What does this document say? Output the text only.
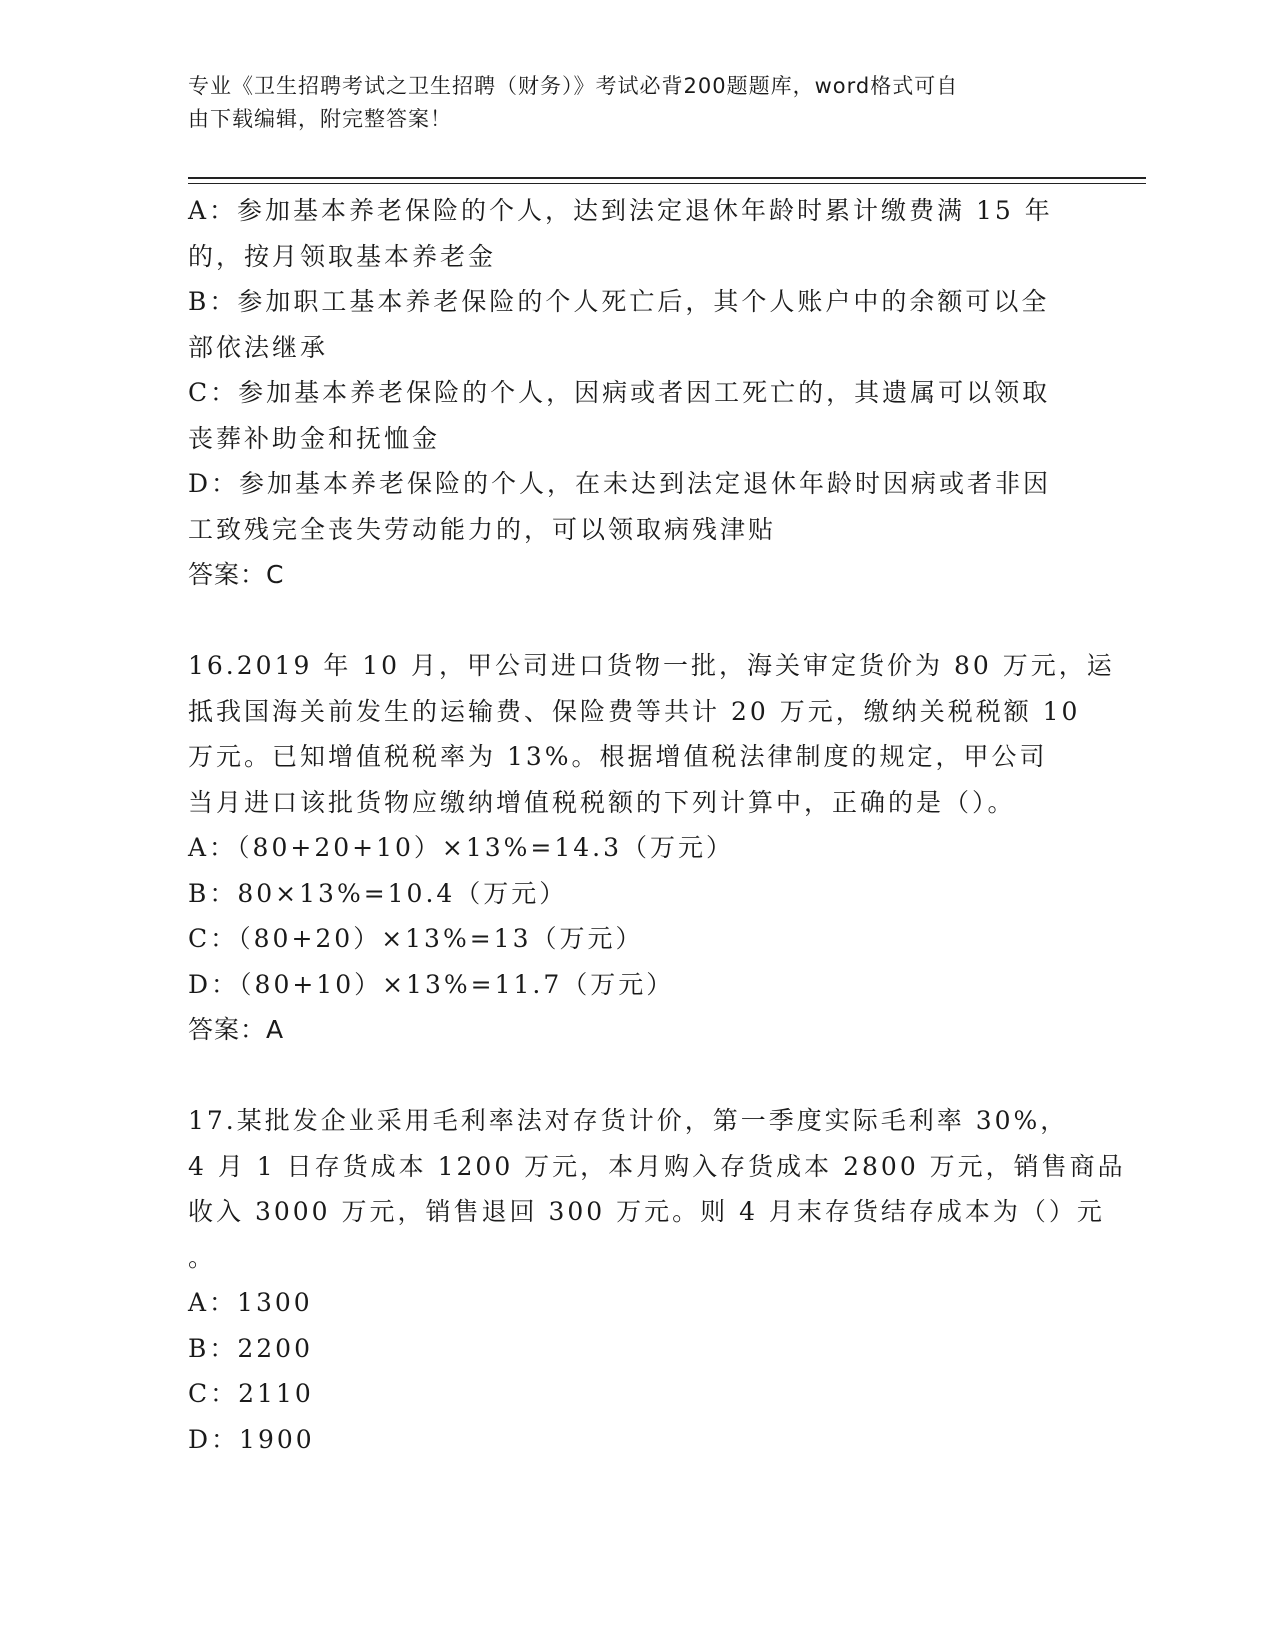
专业《卫生招聘考试之卫生招聘（财务）》考试必背200题题库，word格式可自
由下载编辑，附完整答案！
A：参加基本养老保险的个人，达到法定退休年龄时累计缴费满 15 年
的，按月领取基本养老金
B：参加职工基本养老保险的个人死亡后，其个人账户中的余额可以全
部依法继承
C：参加基本养老保险的个人，因病或者因工死亡的，其遗属可以领取
丧葬补助金和抚恤金
D：参加基本养老保险的个人，在未达到法定退休年龄时因病或者非因
工致残完全丧失劳动能力的，可以领取病残津贴
答案：C
16.2019 年 10 月，甲公司进口货物一批，海关审定货价为 80 万元，运
抵我国海关前发生的运输费、保险费等共计 20 万元，缴纳关税税额 10
万元。已知增值税税率为 13%。根据增值税法律制度的规定，甲公司
当月进口该批货物应缴纳增值税税额的下列计算中，正确的是（）。
A：（80+20+10）×13%=14.3（万元）
B：80×13%=10.4（万元）
C：（80+20）×13%=13（万元）
D：（80+10）×13%=11.7（万元）
答案：A
17.某批发企业采用毛利率法对存货计价，第一季度实际毛利率 30%，
4 月 1 日存货成本 1200 万元，本月购入存货成本 2800 万元，销售商品
收入 3000 万元，销售退回 300 万元。则 4 月末存货结存成本为（）元
。
A：1300
B：2200
C：2110
D：1900
